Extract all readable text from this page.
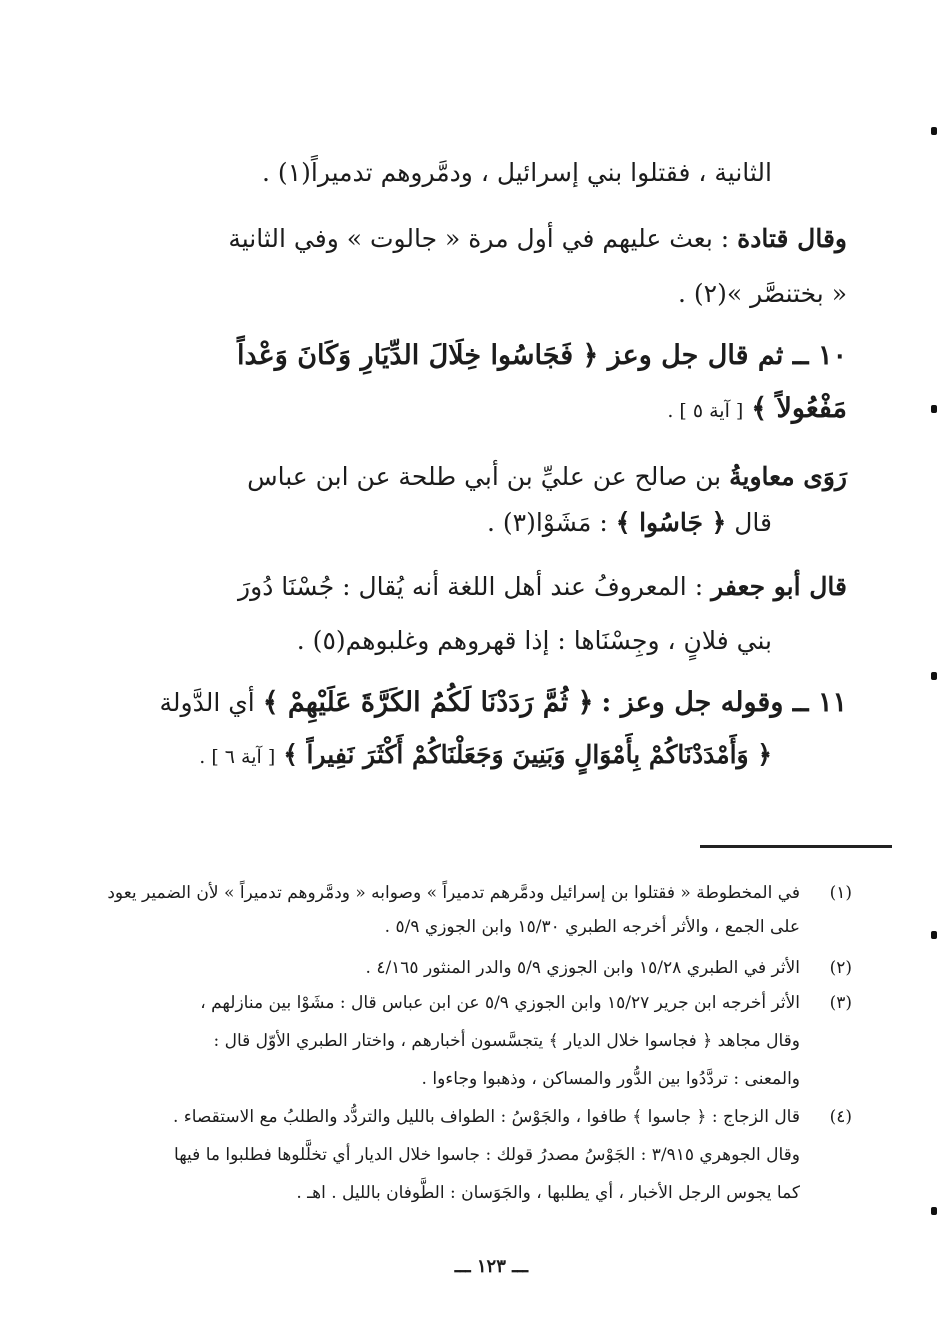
الثانية ، فقتلوا بني إسرائيل ، ودمَّروهم تدميراً(١) .
وقال قتادة : بعث عليهم في أول مرة « جالوت » وفي الثانية
« بختنصَّر »(٢) .
١٠ ــ ثم قال جل وعز ﴿ فَجَاسُوا خِلَالَ الدِّيَارِ وَكَانَ وَعْداً
مَفْعُولاً ﴾ [ آية ٥ ] .
رَوَى معاويةُ بن صالح عن عليِّ بن أبي طلحة عن ابن عباس
قال ﴿ جَاسُوا ﴾ : مَشَوْا(٣) .
قال أبو جعفر : المعروفُ عند أهل اللغة أنه يُقال : جُسْنَا دُورَ
بني فلانٍ ، وجِسْنَاها : إذا قهروهم وغلبوهم(٥) .
١١ ــ وقوله جل وعز : ﴿ ثُمَّ رَدَدْنَا لَكُمُ الكَرَّةَ عَلَيْهِمْ ﴾ أي الدَّولة
﴿ وَأَمْدَدْنَاكُمْ بِأَمْوَالٍ وَبَنِينَ وَجَعَلْنَاكُمْ أَكْثَرَ نَفِيراً ﴾ [ آية ٦ ] .
(١)
في المخطوطة « فقتلوا بن إسرائيل ودمَّرهم تدميراً » وصوابه « ودمَّروهم تدميراً » لأن الضمير يعود
على الجمع ، والأثر أخرجه الطبري ١٥/٣٠ وابن الجوزي ٥/٩ .
(٢)
الأثر في الطبري ١٥/٢٨ وابن الجوزي ٥/٩ والدر المنثور ٤/١٦٥ .
(٣)
الأثر أخرجه ابن جرير ١٥/٢٧ وابن الجوزي ٥/٩ عن ابن عباس قال : مشَوْا بين منازلهم ،
وقال مجاهد ﴿ فجاسوا خلال الديار ﴾ يتجسَّسون أخبارهم ، واختار الطبري الأوّل قال :
والمعنى : تردَّدُوا بين الدُّور والمساكن ، وذهبوا وجاءوا .
(٤)
قال الزجاج : ﴿ جاسوا ﴾ طافوا ، والجَوْسُ : الطواف بالليل والتردُّد والطلبُ مع الاستقصاء .
وقال الجوهري ٣/٩١٥ : الجَوْسُ مصدرُ قولك : جاسوا خلال الديار أي تخلَّلوها فطلبوا ما فيها
كما يجوس الرجل الأخبار ، أي يطلبها ، والجَوَسان : الطَّوفان بالليل . اهـ .
ـــ ١٢٣ ـــ
